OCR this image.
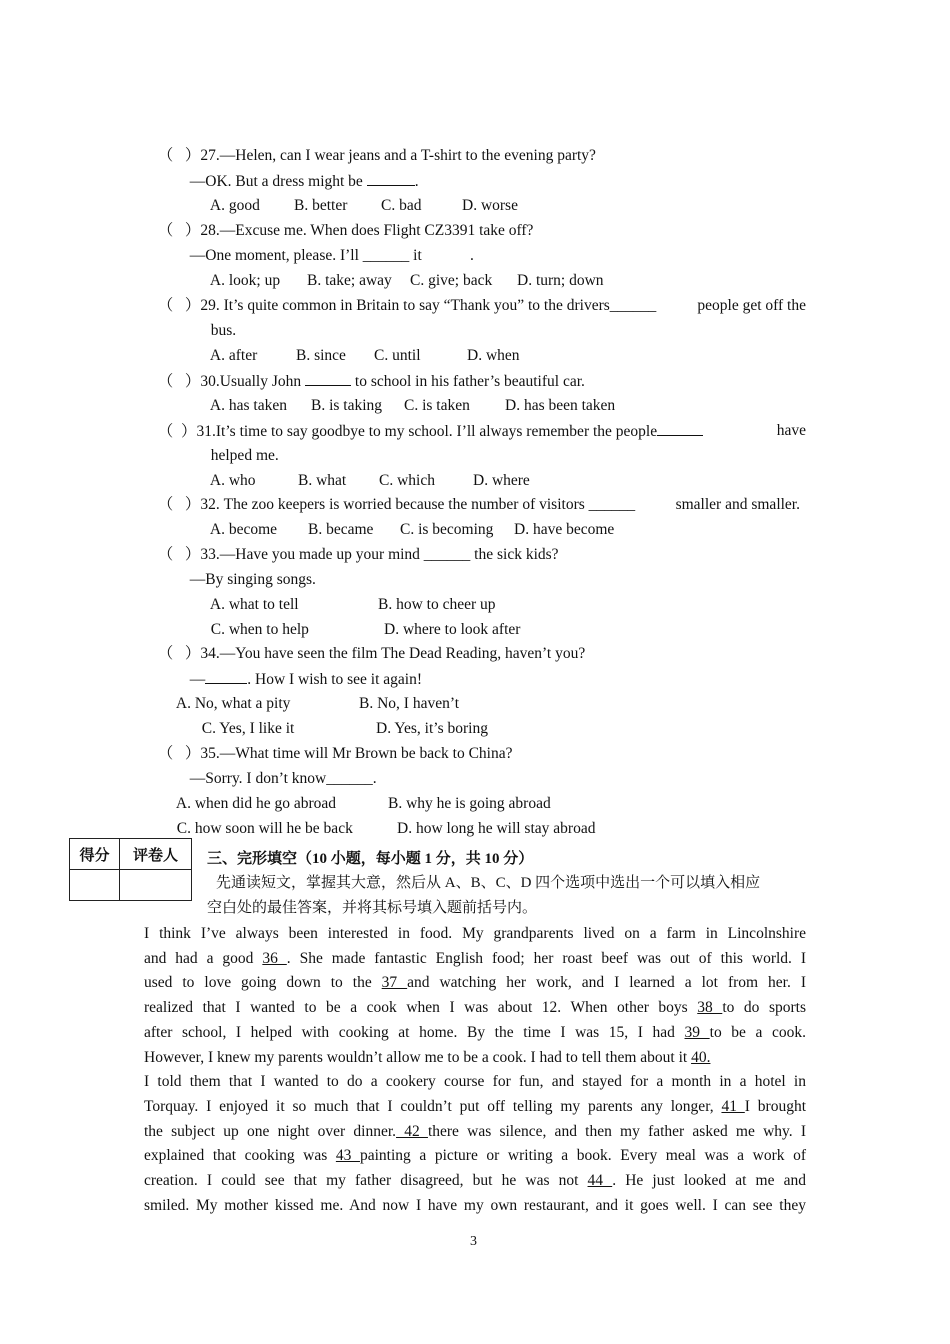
（   ）27.—Helen, can I wear jeans and a T-shirt to the evening party?

—OK. But a dress might be	.

A. good B. better C. bad	D. worse

（   ）28.—Excuse me. When does Flight CZ3391 take off?

—One moment, please. I’ll ______ it	.

A. look; up B. take; away C. give; back D. turn; down

（   ）29. It’s quite common in Britain to say “Thank you” to the drivers______	people get off the

bus.

A. after	B. since C. until	D. when

（   ）30.Usually John	to school in his father’s beautiful car.

A. has taken B. is taking C. is taken D. has been taken

（  ）31.It’s time to say goodbye to my school. I’ll always remember the people	have

helped me.

A. who	B. what C. which D. where

（   ）32. The zoo keepers is worried because the number of visitors ______	smaller and smaller.

A. become B. became C. is becoming D. have become

（   ）33.—Have you made up your mind ______ the sick kids?

—By singing songs.

A. what to tell	B. how to cheer up

C. when to help	D. where to look after

（   ）34.—You have seen the film The Dead Reading, haven’t you?

—	. How I wish to see it again!

A. No, what a pity	B. No, I haven’t

C. Yes, I like it	D. Yes, it’s boring

（   ）35.—What time will Mr Brown be back to China?

—Sorry. I don’t know______.

A. when did he go abroad	B. why he is going abroad

C. how soon will he be back	D. how long he will stay abroad

得分	评卷人
	三、完形填空（10 小题，每小题 1 分，共 10 分）
先通读短文，掌握其大意，然后从 A、B、C、D 四个选项中选出一个可以填入相应
空白处的最佳答案，并将其标号填入题前括号内。
I think I’ve always been interested in food. My grandparents lived on a farm in Lincolnshire
and had a good 36 . She made fantastic English food; her roast beef was out of this world. I
used to love going down to the 37 and watching her work, and I learned a lot from her. I
realized that I wanted to be a cook when I was about 12. When other boys 38 to do sports
after school, I helped with cooking at home. By the time I was 15, I had 39 to be a cook.
However, I knew my parents wouldn’t allow me to be a cook. I had to tell them about it 40.
I told them that I wanted to do a cookery course for fun, and stayed for a month in a hotel in
Torquay. I enjoyed it so much that I couldn’t put off telling my parents any longer, 41 I brought
the subject up one night over dinner. 42 there was silence, and then my father asked me why. I
explained that cooking was 43 painting a picture or writing a book. Every meal was a work of
creation. I could see that my father disagreed, but he was not 44 . He just looked at me and
smiled. My mother kissed me. And now I have my own restaurant, and it goes well. I can see they
3
